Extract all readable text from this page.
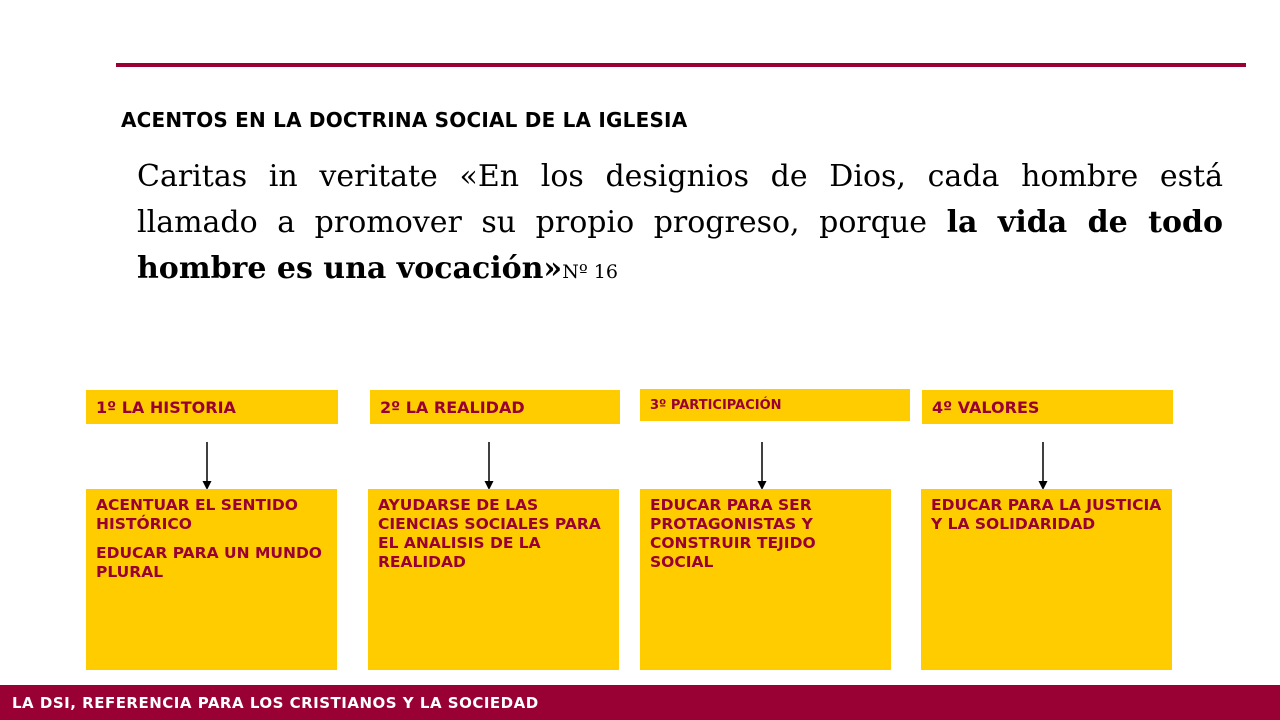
ACENTOS EN LA DOCTRINA SOCIAL DE LA IGLESIA

Caritas in veritate «En los designios de Dios, cada hombre está llamado a promover su propio progreso, porque la vida de todo hombre es una vocación»Nº 16

1º LA HISTORIA

ACENTUAR EL SENTIDO HISTÓRICO

EDUCAR PARA UN MUNDO PLURAL

2º LA REALIDAD

AYUDARSE DE LAS CIENCIAS SOCIALES PARA EL ANALISIS DE LA REALIDAD

3º PARTICIPACIÓN

EDUCAR PARA SER PROTAGONISTAS Y CONSTRUIR TEJIDO SOCIAL

4º VALORES

EDUCAR PARA LA JUSTICIA Y LA SOLIDARIDAD

LA DSI, REFERENCIA PARA LOS CRISTIANOS Y LA SOCIEDAD
